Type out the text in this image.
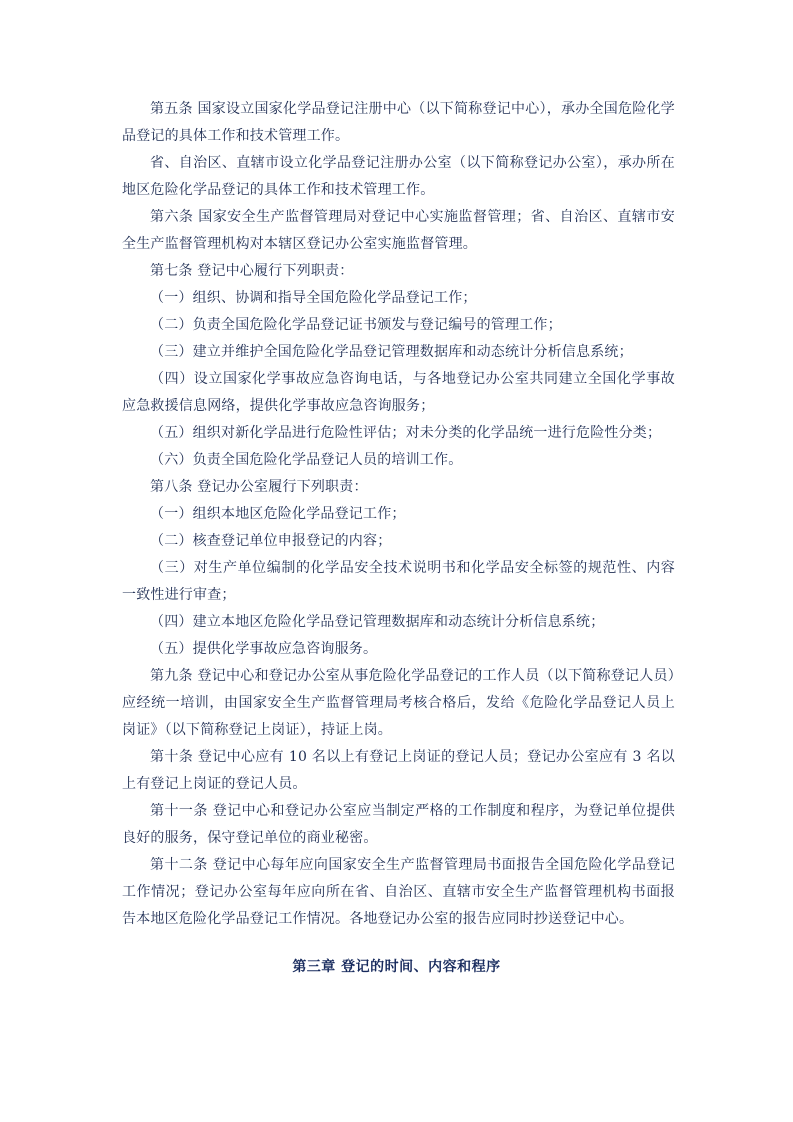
第五条 国家设立国家化学品登记注册中心（以下简称登记中心），承办全国危险化学品登记的具体工作和技术管理工作。

省、自治区、直辖市设立化学品登记注册办公室（以下简称登记办公室），承办所在地区危险化学品登记的具体工作和技术管理工作。

第六条 国家安全生产监督管理局对登记中心实施监督管理；省、自治区、直辖市安全生产监督管理机构对本辖区登记办公室实施监督管理。

第七条 登记中心履行下列职责：

（一）组织、协调和指导全国危险化学品登记工作；

（二）负责全国危险化学品登记证书颁发与登记编号的管理工作；

（三）建立并维护全国危险化学品登记管理数据库和动态统计分析信息系统；

（四）设立国家化学事故应急咨询电话，与各地登记办公室共同建立全国化学事故应急救援信息网络，提供化学事故应急咨询服务；

（五）组织对新化学品进行危险性评估；对未分类的化学品统一进行危险性分类；

（六）负责全国危险化学品登记人员的培训工作。

第八条 登记办公室履行下列职责：

（一）组织本地区危险化学品登记工作；

（二）核查登记单位申报登记的内容；

（三）对生产单位编制的化学品安全技术说明书和化学品安全标签的规范性、内容一致性进行审查；

（四）建立本地区危险化学品登记管理数据库和动态统计分析信息系统；

（五）提供化学事故应急咨询服务。

第九条 登记中心和登记办公室从事危险化学品登记的工作人员（以下简称登记人员）应经统一培训，由国家安全生产监督管理局考核合格后，发给《危险化学品登记人员上岗证》（以下简称登记上岗证），持证上岗。

第十条 登记中心应有 10 名以上有登记上岗证的登记人员；登记办公室应有 3 名以上有登记上岗证的登记人员。

第十一条 登记中心和登记办公室应当制定严格的工作制度和程序，为登记单位提供良好的服务，保守登记单位的商业秘密。

第十二条 登记中心每年应向国家安全生产监督管理局书面报告全国危险化学品登记工作情况；登记办公室每年应向所在省、自治区、直辖市安全生产监督管理机构书面报告本地区危险化学品登记工作情况。各地登记办公室的报告应同时抄送登记中心。

第三章 登记的时间、内容和程序
